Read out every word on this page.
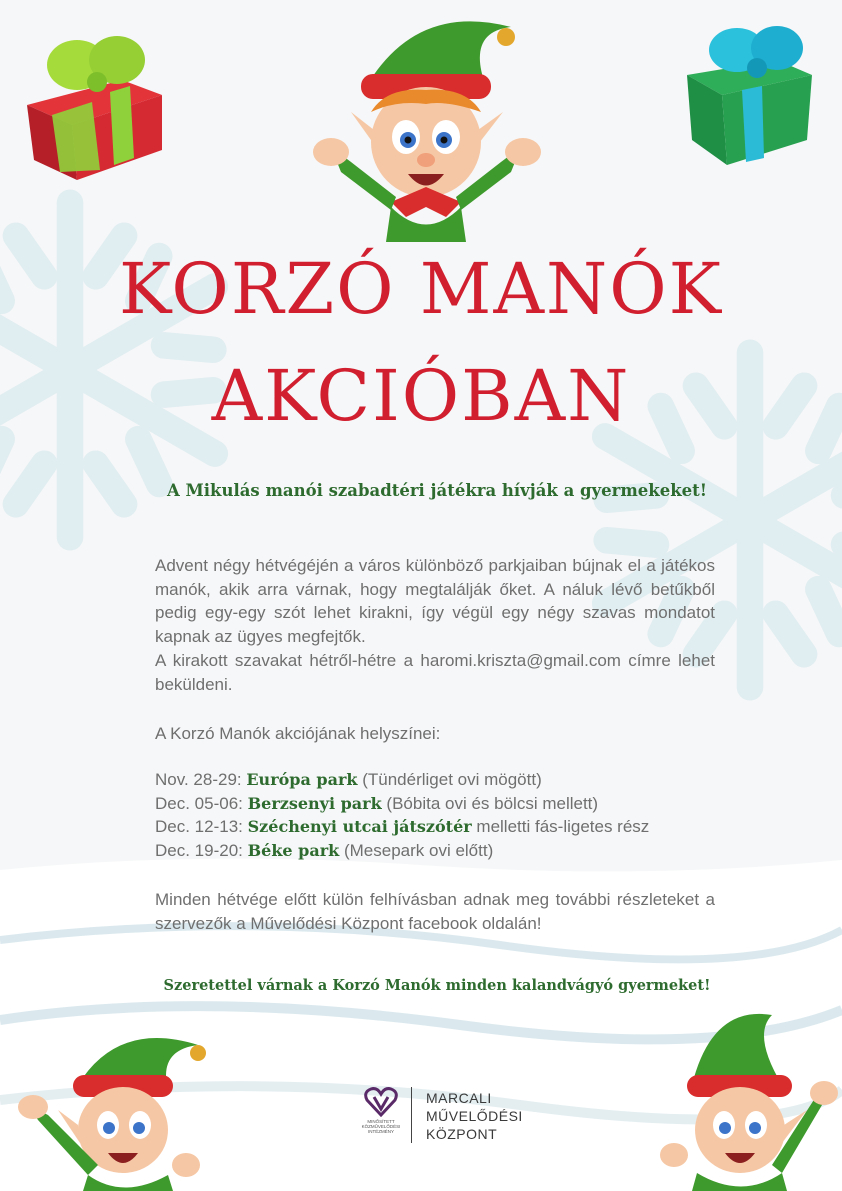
KORZÓ MANÓK
AKCIÓBAN
A Mikulás manói szabadtéri játékra hívják a gyermekeket!

Advent négy hétvégéjén a város különböző parkjaiban bújnak el a játékos manók, akik arra várnak, hogy megtalálják őket. A náluk lévő betűkből pedig egy-egy szót lehet kirakni, így végül egy négy szavas mondatot kapnak az ügyes megfejtők.

A kirakott szavakat hétről-hétre a haromi.kriszta@gmail.com címre lehet beküldeni.

A Korzó Manók akciójának helyszínei:

Nov. 28-29: Európa park (Tündérliget ovi mögött)
Dec. 05-06: Berzsenyi park (Bóbita ovi és bölcsi mellett)
Dec. 12-13: Széchenyi utcai játszótér melletti fás-ligetes rész
Dec. 19-20: Béke park (Mesepark ovi előtt)

Minden hétvége előtt külön felhívásban adnak meg további részleteket a szervezők a Művelődési Központ facebook oldalán!

Szeretettel várnak a Korzó Manók minden kalandvágyó gyermeket!
MINŐSÍTETT KÖZMŰVELŐDÉSI INTÉZMÉNY
MARCALI
MŰVELŐDÉSI
KÖZPONT
